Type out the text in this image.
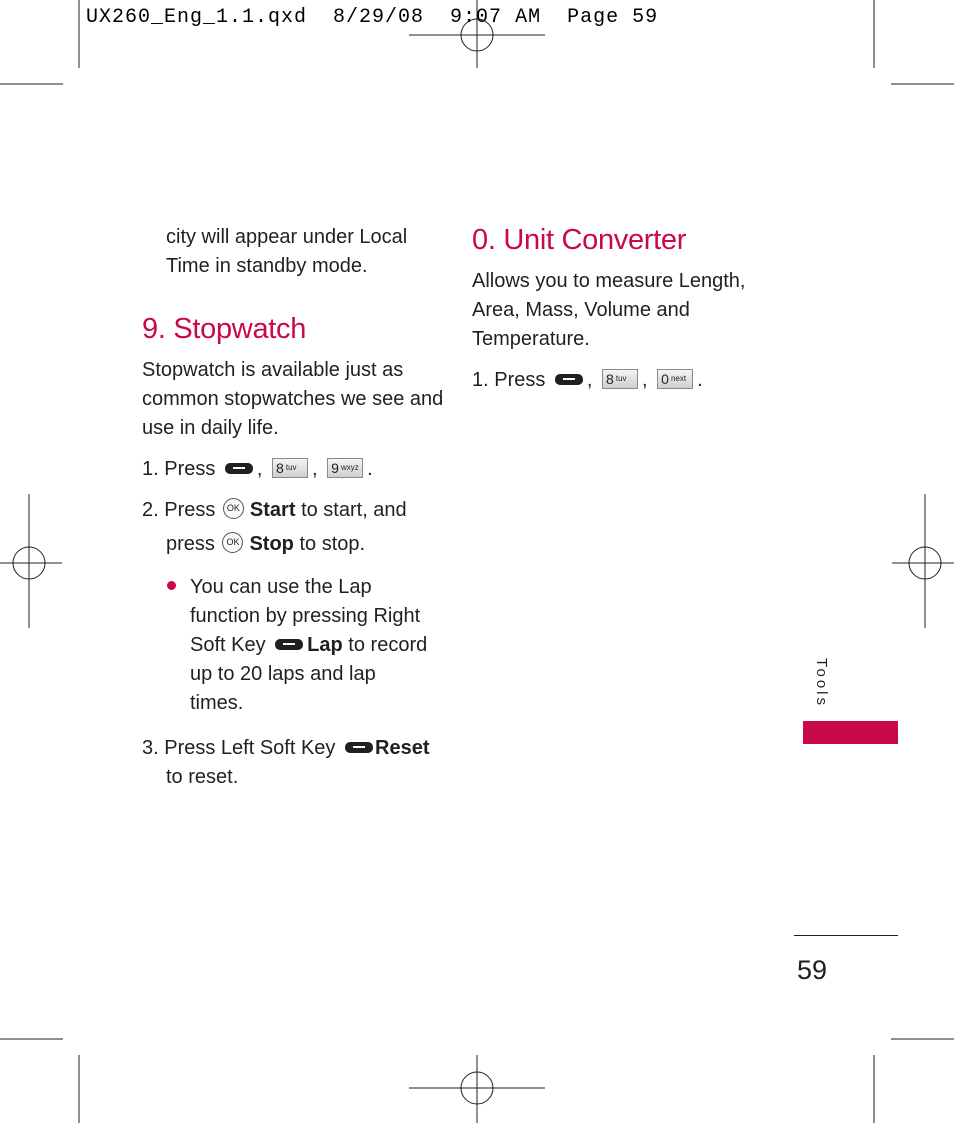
UX260_Eng_1.1.qxd  8/29/08  9:07 AM  Page 59
city will appear under Local
Time in standby mode.
9. Stopwatch
Stopwatch is available just as
common stopwatches we see and
use in daily life.
1. Press , 8 $^{tuv}$ , 9 $^{wxyz}$ .
2. Press OK Start to start, and
press OK Stop to stop.
You can use the Lap
function by pressing Right
Soft Key Lap to record
up to 20 laps and lap
times.
3. Press Left Soft Key Reset
to reset.
0. Unit Converter
Allows you to measure Length,
Area, Mass, Volume and
Temperature.
1. Press , 8 $^{tuv}$ , 0 $^{next}$ .
Tools
59
